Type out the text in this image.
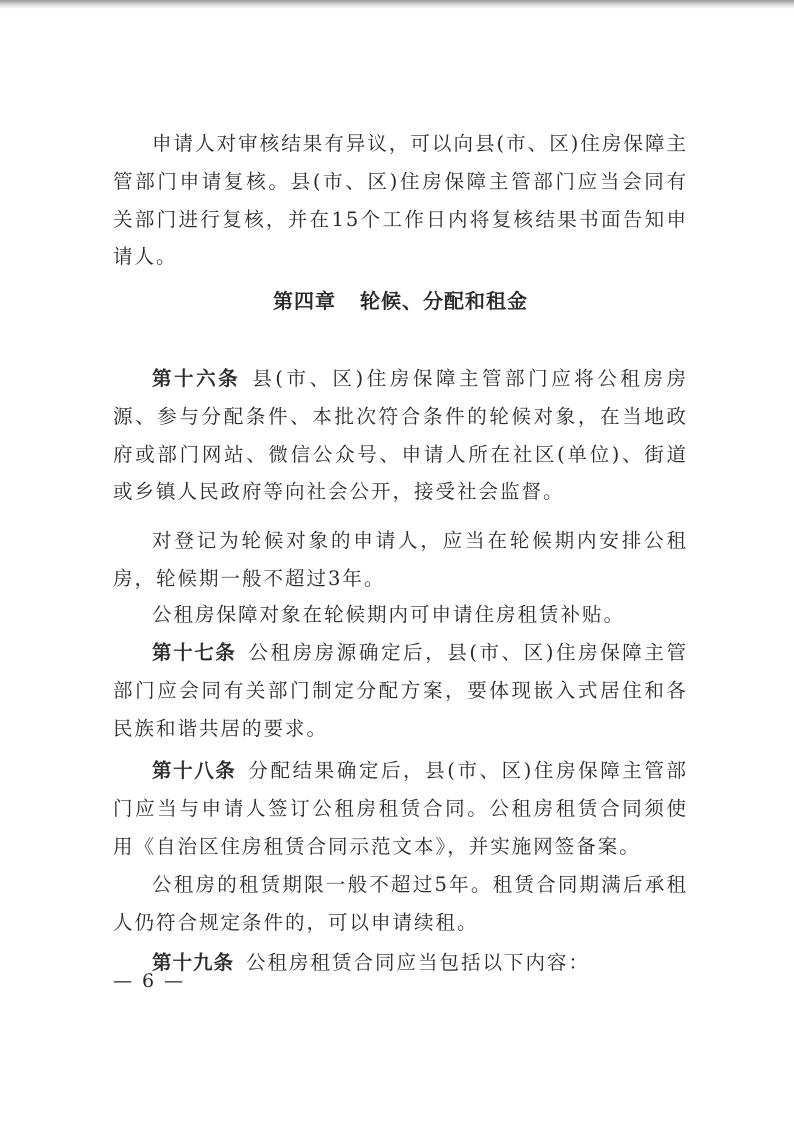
申请人对审核结果有异议，可以向县(市、区)住房保障主管部门申请复核。县(市、区)住房保障主管部门应当会同有关部门进行复核，并在15个工作日内将复核结果书面告知申请人。

第四章 轮候、分配和租金

第十六条 县(市、区)住房保障主管部门应将公租房房源、参与分配条件、本批次符合条件的轮候对象，在当地政府或部门网站、微信公众号、申请人所在社区(单位)、街道或乡镇人民政府等向社会公开，接受社会监督。

对登记为轮候对象的申请人，应当在轮候期内安排公租房，轮候期一般不超过3年。

公租房保障对象在轮候期内可申请住房租赁补贴。

第十七条 公租房房源确定后，县(市、区)住房保障主管部门应会同有关部门制定分配方案，要体现嵌入式居住和各民族和谐共居的要求。

第十八条 分配结果确定后，县(市、区)住房保障主管部门应当与申请人签订公租房租赁合同。公租房租赁合同须使用《自治区住房租赁合同示范文本》，并实施网签备案。

公租房的租赁期限一般不超过5年。租赁合同期满后承租人仍符合规定条件的，可以申请续租。

第十九条 公租房租赁合同应当包括以下内容：

— 6 —
